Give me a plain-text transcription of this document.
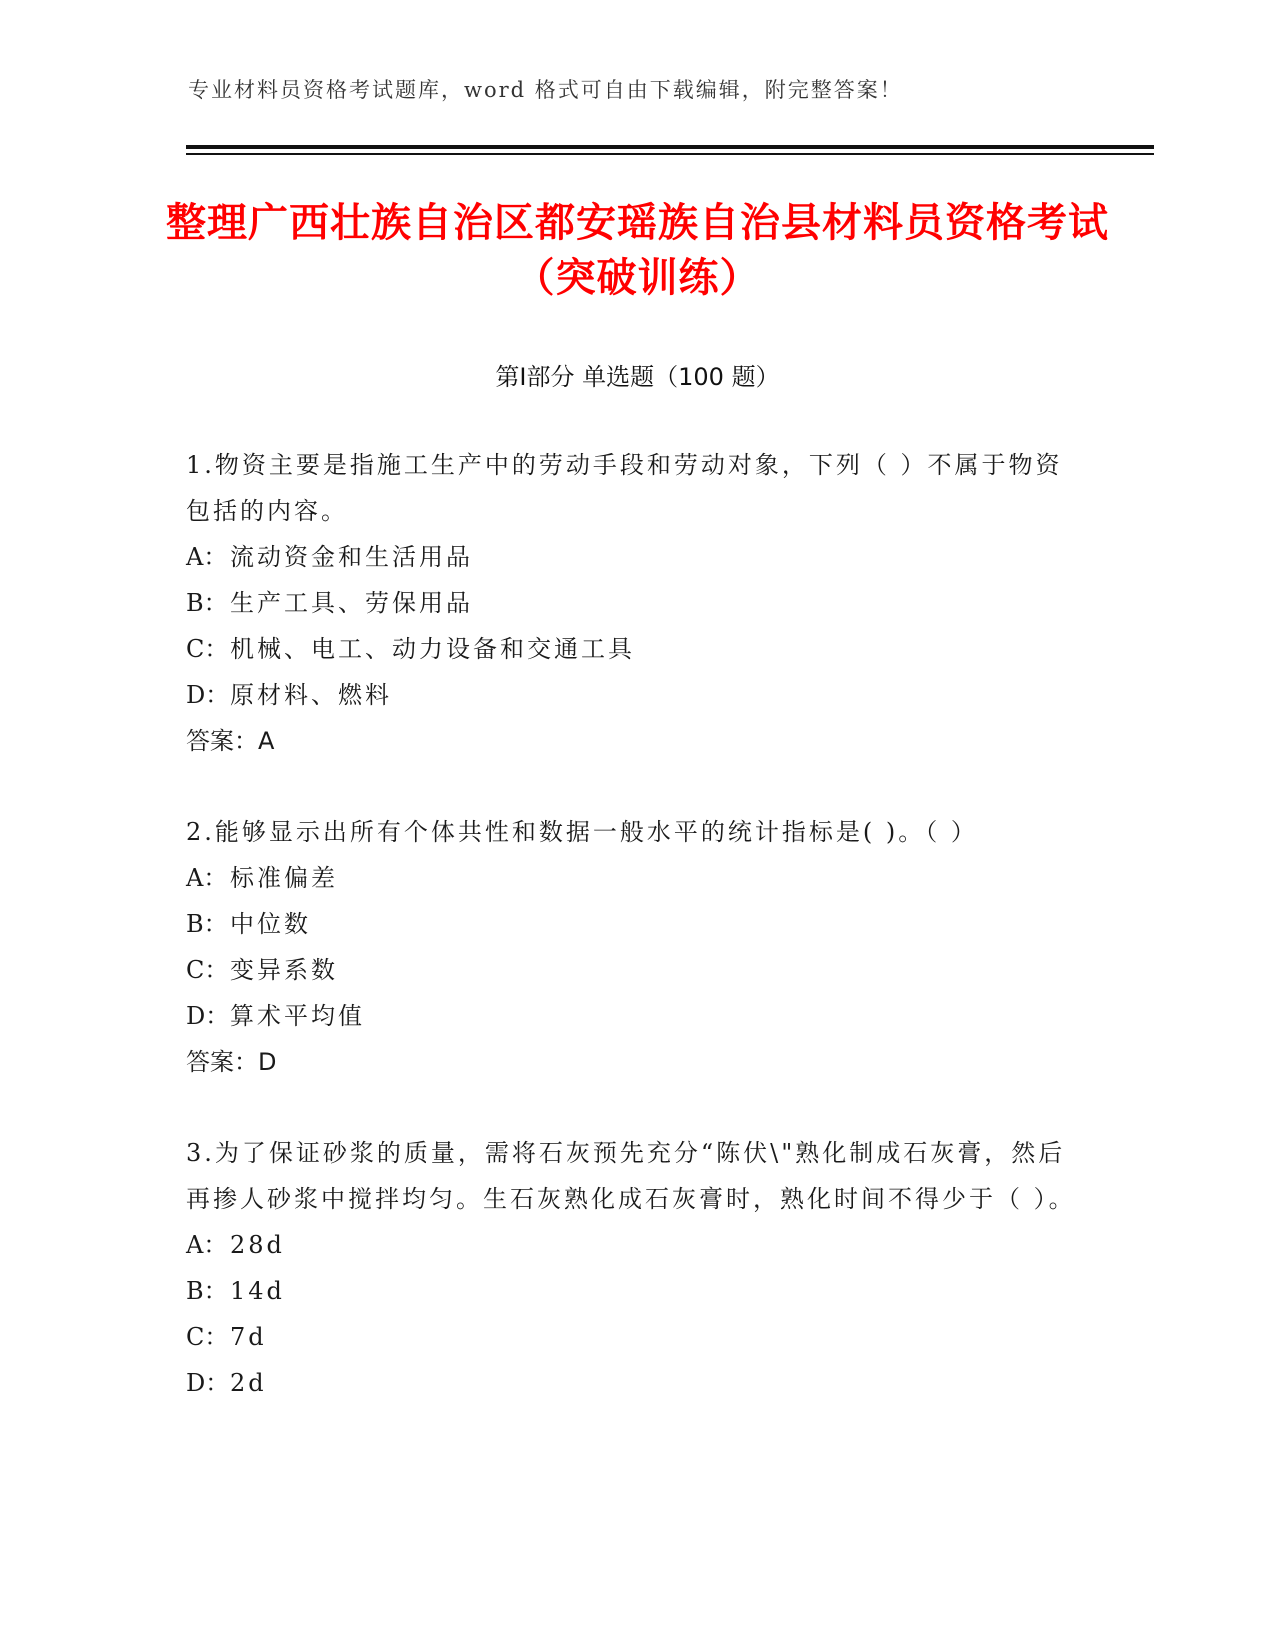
专业材料员资格考试题库，word 格式可自由下载编辑，附完整答案！
整理广西壮族自治区都安瑶族自治县材料员资格考试（突破训练）
第Ⅰ部分 单选题（100 题）

1.物资主要是指施工生产中的劳动手段和劳动对象，下列（ ）不属于物资包括的内容。

A： 流动资金和生活用品

B：生产工具、劳保用品

C：机械、电工、动力设备和交通工具

D：原材料、燃料

答案：A

2.能够显示出所有个体共性和数据一般水平的统计指标是( )。（ ）

A： 标准偏差

B：中位数

C：变异系数

D：算术平均值

答案：D

3.为了保证砂浆的质量，需将石灰预先充分“陈伏\"熟化制成石灰膏，然后再掺人砂浆中搅拌均匀。生石灰熟化成石灰膏时，熟化时间不得少于（ ）。

A： 28d

B：14d

C：7d

D：2d
